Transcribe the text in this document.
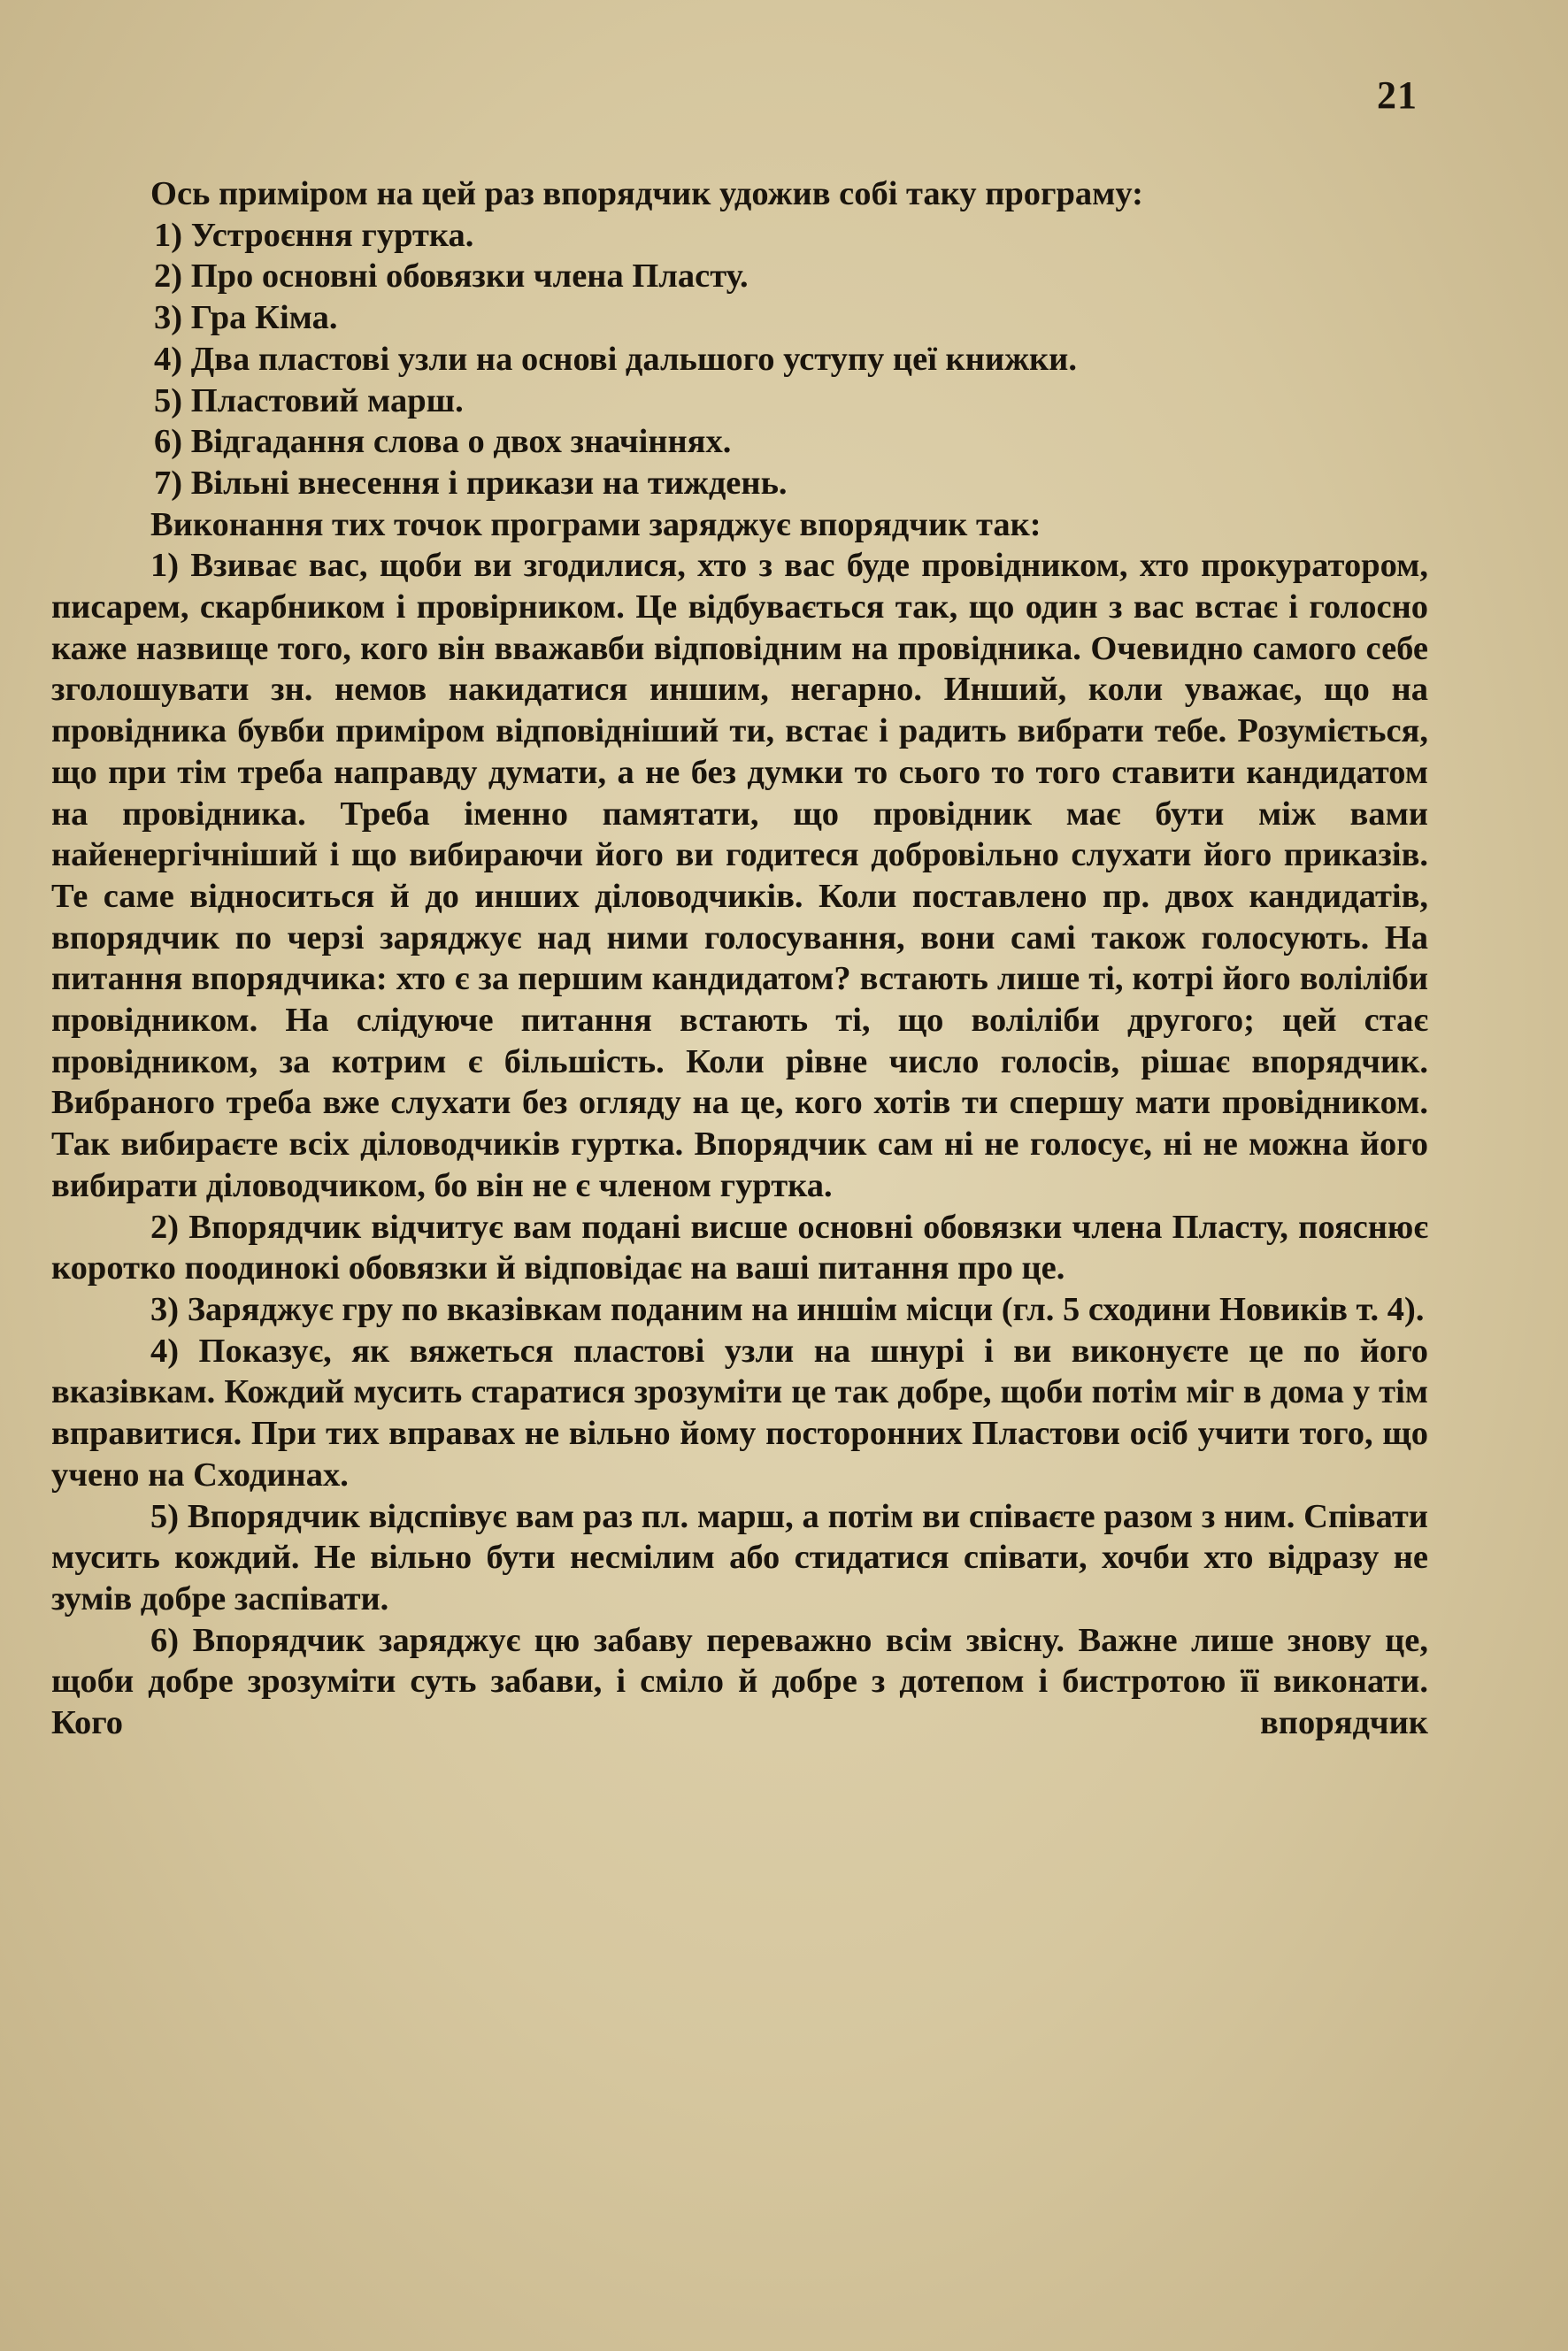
21

Ось приміром на цей раз впорядчик удожив собі таку програму:

1) Устроєння гуртка.

2) Про основні обовязки члена Пласту.

3) Гра Кіма.

4) Два пластові узли на основі дальшого уступу цеї книжки.

5) Пластовий марш.

6) Відгадання слова о двох значіннях.

7) Вільні внесення і прикази на тиждень.

Виконання тих точок програми заряджує впорядчик так:

1) Взиває вас, щоби ви згодилися, хто з вас буде провідником, хто прокуратором, писарем, скарбником і провірником. Це відбувається так, що один з вас встає і голосно каже назвище того, кого він вважавби відповідним на провідника. Очевидно самого себе зголошувати зн. немов накидатися иншим, негарно. Инший, коли уважає, що на провідника бувби приміром відповідніший ти, встає і радить вибрати тебе. Розуміється, що при тім треба направду думати, а не без думки то сього то того ставити кандидатом на провідника. Треба іменно памятати, що провідник має бути між вами найенергічніший і що вибираючи його ви годитеся добровільно слухати його приказів. Те саме відноситься й до инших діловодчиків. Коли поставлено пр. двох кандидатів, впорядчик по черзі заряджує над ними голосування, вони самі також голосують. На питання впорядчика: хто є за першим кандидатом? встають лише ті, котрі його воліліби провідником. На слідуюче питання встають ті, що воліліби другого; цей стає провідником, за котрим є більшість. Коли рівне число голосів, рішає впорядчик. Вибраного треба вже слухати без огляду на це, кого хотів ти спершу мати провідником. Так вибираєте всіх діловодчиків гуртка. Впорядчик сам ні не голосує, ні не можна його вибирати діловодчиком, бо він не є членом гуртка.

2) Впорядчик відчитує вам подані висше основні обовязки члена Пласту, пояснює коротко поодинокі обовязки й відповідає на ваші питання про це.

3) Заряджує гру по вказівкам поданим на иншім місци (гл. 5 сходини Новиків т. 4).

4) Показує, як вяжеться пластові узли на шнурі і ви виконуєте це по його вказівкам. Кождий мусить старатися зрозуміти це так добре, щоби потім міг в дома у тім вправитися. При тих вправах не вільно йому посторонних Пластови осіб учити того, що учено на Сходинах.

5) Впорядчик відспівує вам раз пл. марш, а потім ви співаєте разом з ним. Співати мусить кождий. Не вільно бути несмілим або стидатися співати, хочби хто відразу не зумів добре заспівати.

6) Впорядчик заряджує цю забаву переважно всім звісну. Важне лише знову це, щоби добре зрозуміти суть забави, і сміло й добре з дотепом і бистротою її виконати. Кого впорядчик
